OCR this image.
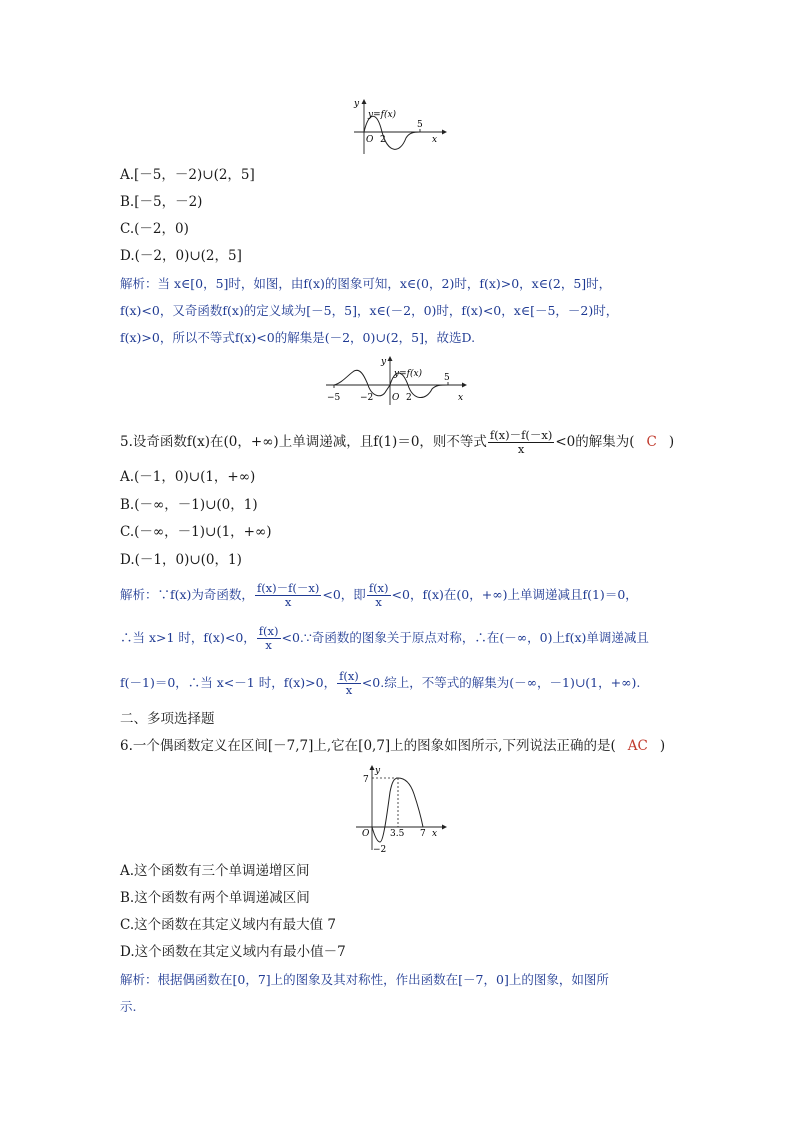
y
y=f(x)
O 2
5
x
A.[－5，－2)∪(2，5]
B.[－5，－2)
C.(－2，0)
D.(－2，0)∪(2，5]
解析：当 x∈[0，5]时，如图，由f(x)的图象可知，x∈(0，2)时，f(x)>0，x∈(2，5]时，
f(x)<0，又奇函数f(x)的定义域为[－5，5]，x∈(－2，0)时，f(x)<0，x∈[－5，－2)时，
f(x)>0，所以不等式f(x)<0的解集是(－2，0)∪(2，5]，故选D.
y
y=f(x)
−5 −2 O 2
5
x
5.设奇函数f(x)在(0，+∞)上单调递减，且f(1)＝0，则不等式 $\frac{f(x)-f(-x)}{x} <0$的解集为( C )
A.(－1，0)∪(1，+∞)
B.(－∞，－1)∪(0，1)
C.(－∞，－1)∪(1，+∞)
D.(－1，0)∪(0，1)
解析：∵f(x)为奇函数， $\frac{f(x)-f(-x)}{x} <0$，即 $\frac{f(x)}{x} <0$，f(x)在(0，+∞)上单调递减且f(1)＝0，
∴当 x>1 时，f(x)<0， $\frac{f(x)}{x}$ <0.∵奇函数的图象关于原点对称，∴在(－∞，0)上f(x)单调递减且
f(－1)＝0，∴当 x<－1 时，f(x)>0， $\frac{f(x)}{x} <0$.综上，不等式的解集为(－∞，－1)∪(1，+∞).
二、多项选择题
6.一个偶函数定义在区间[－7,7]上,它在[0,7]上的图象如图所示,下列说法正确的是( AC )
y
7
O 3.5 7 x
−2
A.这个函数有三个单调递增区间
B.这个函数有两个单调递减区间
C.这个函数在其定义域内有最大值 7
D.这个函数在其定义域内有最小值－7
解析：根据偶函数在[0，7]上的图象及其对称性，作出函数在[－7，0]上的图象，如图所
示.
